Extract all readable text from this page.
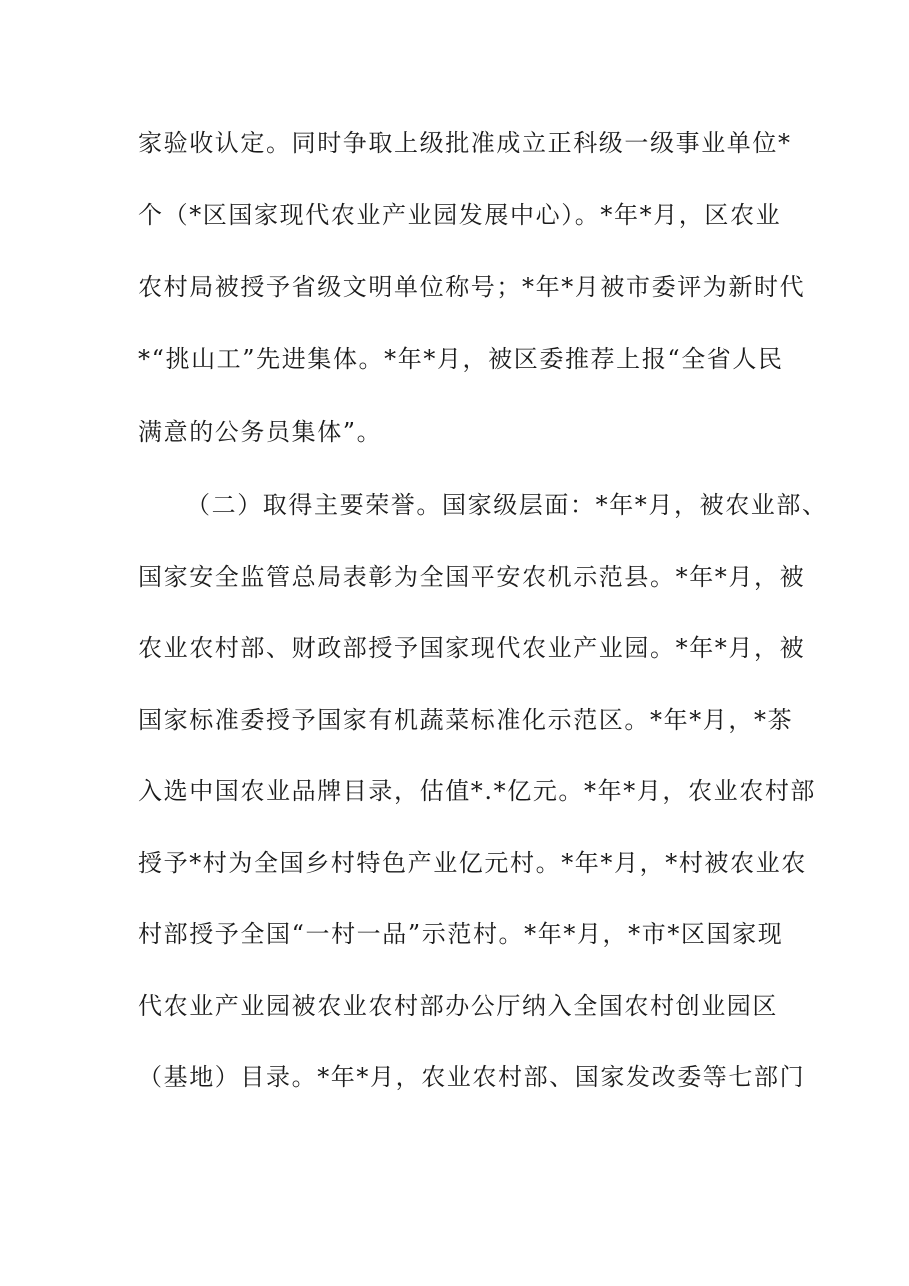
家验收认定。同时争取上级批准成立正科级一级事业单位*
个（*区国家现代农业产业园发展中心）。*年*月，区农业
农村局被授予省级文明单位称号；*年*月被市委评为新时代
*“挑山工”先进集体。*年*月，被区委推荐上报“全省人民
满意的公务员集体”。
（二）取得主要荣誉。国家级层面：*年*月，被农业部、
国家安全监管总局表彰为全国平安农机示范县。*年*月，被
农业农村部、财政部授予国家现代农业产业园。*年*月，被
国家标准委授予国家有机蔬菜标准化示范区。*年*月，*茶
入选中国农业品牌目录，估值*.*亿元。*年*月，农业农村部
授予*村为全国乡村特色产业亿元村。*年*月，*村被农业农
村部授予全国“一村一品”示范村。*年*月，*市*区国家现
代农业产业园被农业农村部办公厅纳入全国农村创业园区
（基地）目录。*年*月，农业农村部、国家发改委等七部门
